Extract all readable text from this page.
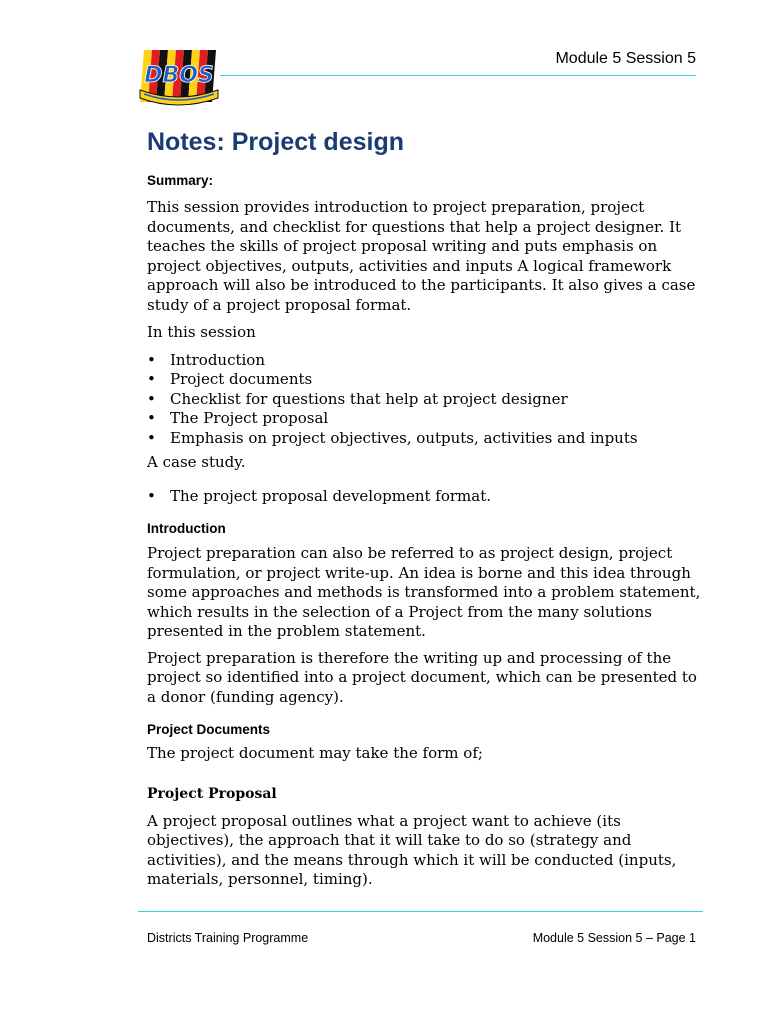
DBOS
Module 5 Session 5
Notes: Project design
Summary:

This session provides introduction to project preparation, project documents, and checklist for questions that help a project designer. It teaches the skills of project proposal writing and puts emphasis on project objectives, outputs, activities and inputs A logical framework approach will also be introduced to the participants. It also gives a case study of a project proposal format.

In this session

• Introduction
• Project documents
• Checklist for questions that help at project designer
• The Project proposal
• Emphasis on project objectives, outputs, activities and inputs

A case study.

• The project proposal development format.
Introduction

Project preparation can also be referred to as project design, project formulation, or project write-up. An idea is borne and this idea through some approaches and methods is transformed into a problem statement, which results in the selection of a Project from the many solutions presented in the problem statement.

Project preparation is therefore the writing up and processing of the project so identified into a project document, which can be presented to a donor (funding agency).

Project Documents

The project document may take the form of;

Project Proposal

A project proposal outlines what a project want to achieve (its objectives), the approach that it will take to do so (strategy and activities), and the means through which it will be conducted (inputs, materials, personnel, timing).

Districts Training Programme	Module 5 Session 5 – Page 1
